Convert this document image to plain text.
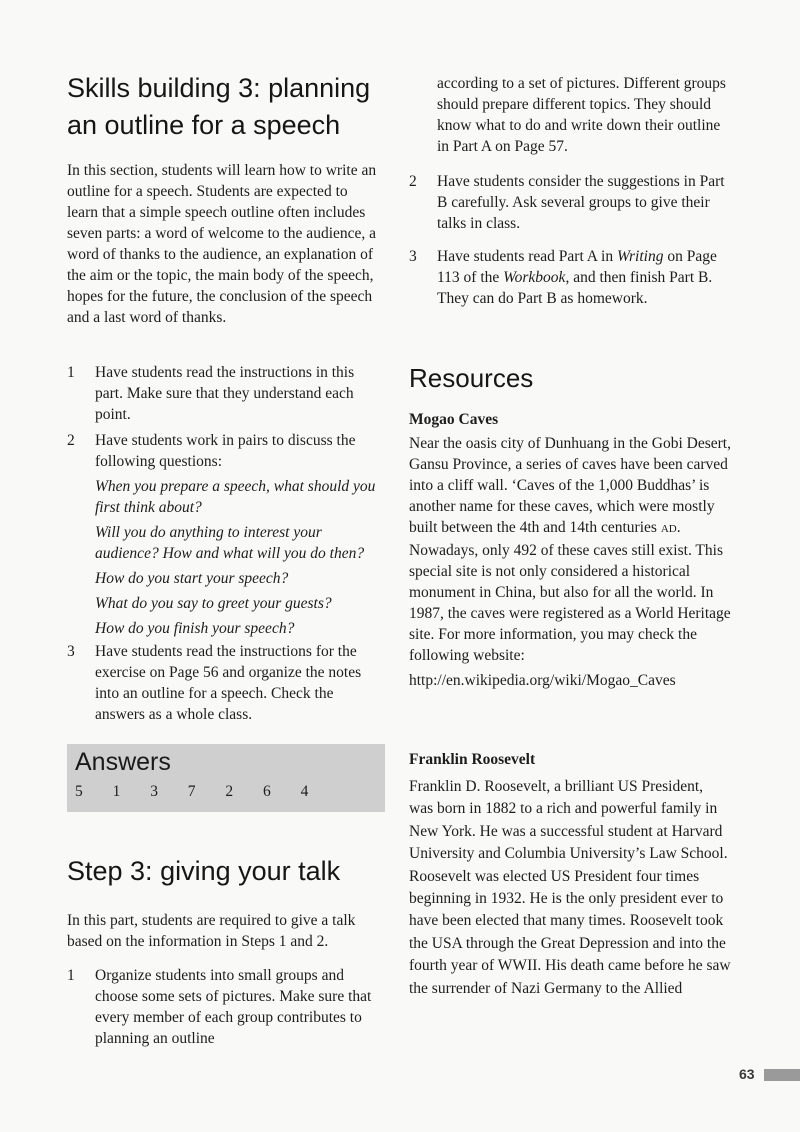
Skills building 3: planning an outline for a speech

In this section, students will learn how to write an outline for a speech. Students are expected to learn that a simple speech outline often includes seven parts: a word of welcome to the audience, a word of thanks to the audience, an explanation of the aim or the topic, the main body of the speech, hopes for the future, the conclusion of the speech and a last word of thanks.

1 Have students read the instructions in this part. Make sure that they understand each point.
2 Have students work in pairs to discuss the following questions:
When you prepare a speech, what should you first think about?
Will you do anything to interest your audience? How and what will you do then?
How do you start your speech?
What do you say to greet your guests?
How do you finish your speech?
3 Have students read the instructions for the exercise on Page 56 and organize the notes into an outline for a speech. Check the answers as a whole class.
Answers
5	1	3	7	2	6	4
Step 3: giving your talk

In this part, students are required to give a talk based on the information in Steps 1 and 2.

1 Organize students into small groups and choose some sets of pictures. Make sure that every member of each group contributes to planning an outline

according to a set of pictures. Different groups should prepare different topics. They should know what to do and write down their outline in Part A on Page 57.

2 Have students consider the suggestions in Part B carefully. Ask several groups to give their talks in class.
3 Have students read Part A in Writing on Page 113 of the Workbook, and then finish Part B. They can do Part B as homework.
Resources

Mogao Caves

Near the oasis city of Dunhuang in the Gobi Desert, Gansu Province, a series of caves have been carved into a cliff wall. ‘Caves of the 1,000 Buddhas’ is another name for these caves, which were mostly built between the 4th and 14th centuries AD. Nowadays, only 492 of these caves still exist. This special site is not only considered a historical monument in China, but also for all the world. In 1987, the caves were registered as a World Heritage site. For more information, you may check the following website:

http://en.wikipedia.org/wiki/Mogao_Caves

Franklin Roosevelt

Franklin D. Roosevelt, a brilliant US President, was born in 1882 to a rich and powerful family in New York. He was a successful student at Harvard University and Columbia University’s Law School. Roosevelt was elected US President four times beginning in 1932. He is the only president ever to have been elected that many times. Roosevelt took the USA through the Great Depression and into the fourth year of WWII. His death came before he saw the surrender of Nazi Germany to the Allied

63
